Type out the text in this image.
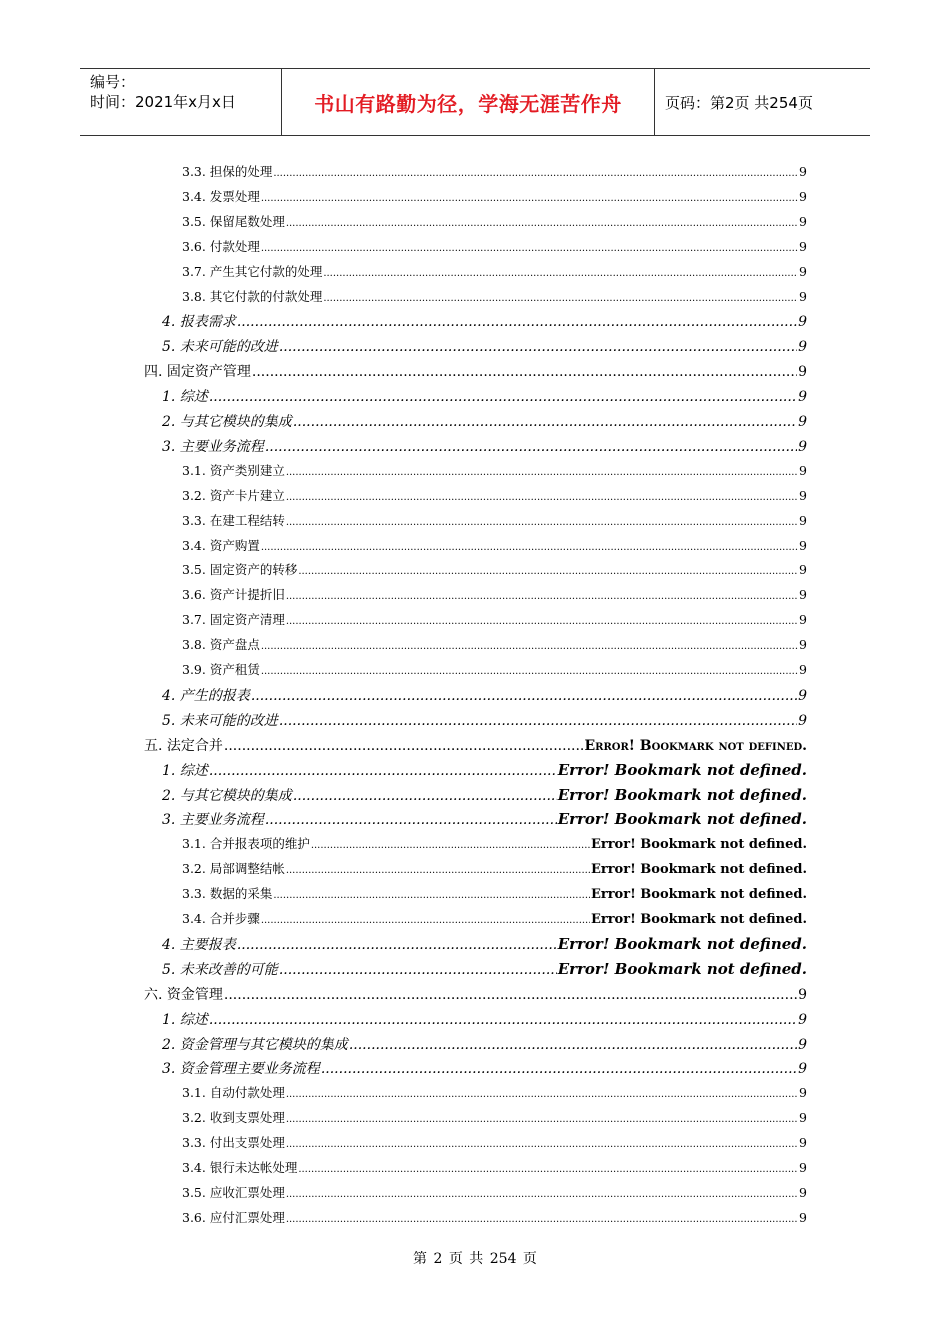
编号：
时间：2021年x月x日	书山有路勤为径，学海无涯苦作舟	页码：第2页 共254页
3.3. 担保的处理 .....	9
3.4. 发票处理 .....	9
3.5. 保留尾数处理 .....	9
3.6. 付款处理 .....	9
3.7. 产生其它付款的处理 .....	9
3.8. 其它付款的付款处理 .....	9
4. 报表需求 .....	9
5. 未来可能的改进 .....	9
四. 固定资产管理 .....	9
1. 综述 .....	9
2. 与其它模块的集成 .....	9
3. 主要业务流程 .....	9
3.1. 资产类别建立 .....	9
3.2. 资产卡片建立 .....	9
3.3. 在建工程结转 .....	9
3.4. 资产购置 .....	9
3.5. 固定资产的转移 .....	9
3.6. 资产计提折旧 .....	9
3.7. 固定资产清理 .....	9
3.8. 资产盘点 .....	9
3.9. 资产租赁 .....	9
4. 产生的报表 .....	9
5. 未来可能的改进 .....	9
五. 法定合并 .....	Error! Bookmark not defined.
1. 综述 .....	Error! Bookmark not defined.
2. 与其它模块的集成 .....	Error! Bookmark not defined.
3. 主要业务流程 .....	Error! Bookmark not defined.
3.1. 合并报表项的维护 .....	Error! Bookmark not defined.
3.2. 局部调整结帐 .....	Error! Bookmark not defined.
3.3. 数据的采集 .....	Error! Bookmark not defined.
3.4. 合并步骤 .....	Error! Bookmark not defined.
4. 主要报表 .....	Error! Bookmark not defined.
5. 未来改善的可能 .....	Error! Bookmark not defined.
六. 资金管理 .....	9
1. 综述 .....	9
2. 资金管理与其它模块的集成 .....	9
3. 资金管理主要业务流程 .....	9
3.1. 自动付款处理 .....	9
3.2. 收到支票处理 .....	9
3.3. 付出支票处理 .....	9
3.4. 银行未达帐处理 .....	9
3.5. 应收汇票处理 .....	9
3.6. 应付汇票处理 .....	9
第 2 页 共 254 页
